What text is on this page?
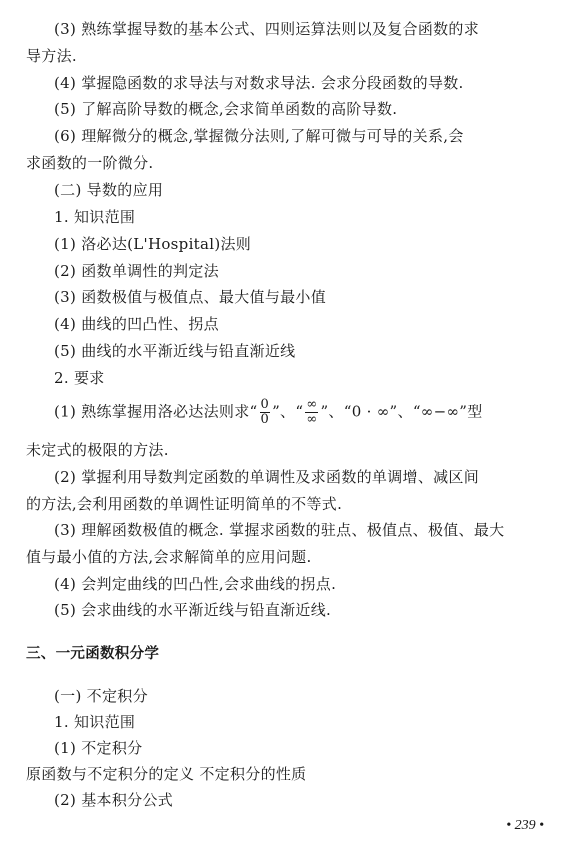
(3) 熟练掌握导数的基本公式、四则运算法则以及复合函数的求
导方法.
(4) 掌握隐函数的求导法与对数求导法. 会求分段函数的导数.
(5) 了解高阶导数的概念,会求简单函数的高阶导数.
(6) 理解微分的概念,掌握微分法则,了解可微与可导的关系,会
求函数的一阶微分.
(二) 导数的应用
1. 知识范围
(1) 洛必达(L'Hospital)法则
(2) 函数单调性的判定法
(3) 函数极值与极值点、最大值与最小值
(4) 曲线的凹凸性、拐点
(5) 曲线的水平渐近线与铅直渐近线
2. 要求
(1) 熟练掌握用洛必达法则求“ $\frac{0}{0}$ ”、“ $\frac{\infty}{\infty}$ ”、“0 · ∞”、“∞−∞”型
未定式的极限的方法.
(2) 掌握利用导数判定函数的单调性及求函数的单调增、减区间
的方法,会利用函数的单调性证明简单的不等式.
(3) 理解函数极值的概念. 掌握求函数的驻点、极值点、极值、最大
值与最小值的方法,会求解简单的应用问题.
(4) 会判定曲线的凹凸性,会求曲线的拐点.
(5) 会求曲线的水平渐近线与铅直渐近线.
三、一元函数积分学
(一) 不定积分
1. 知识范围
(1) 不定积分
原函数与不定积分的定义 不定积分的性质
(2) 基本积分公式
• 239 •
